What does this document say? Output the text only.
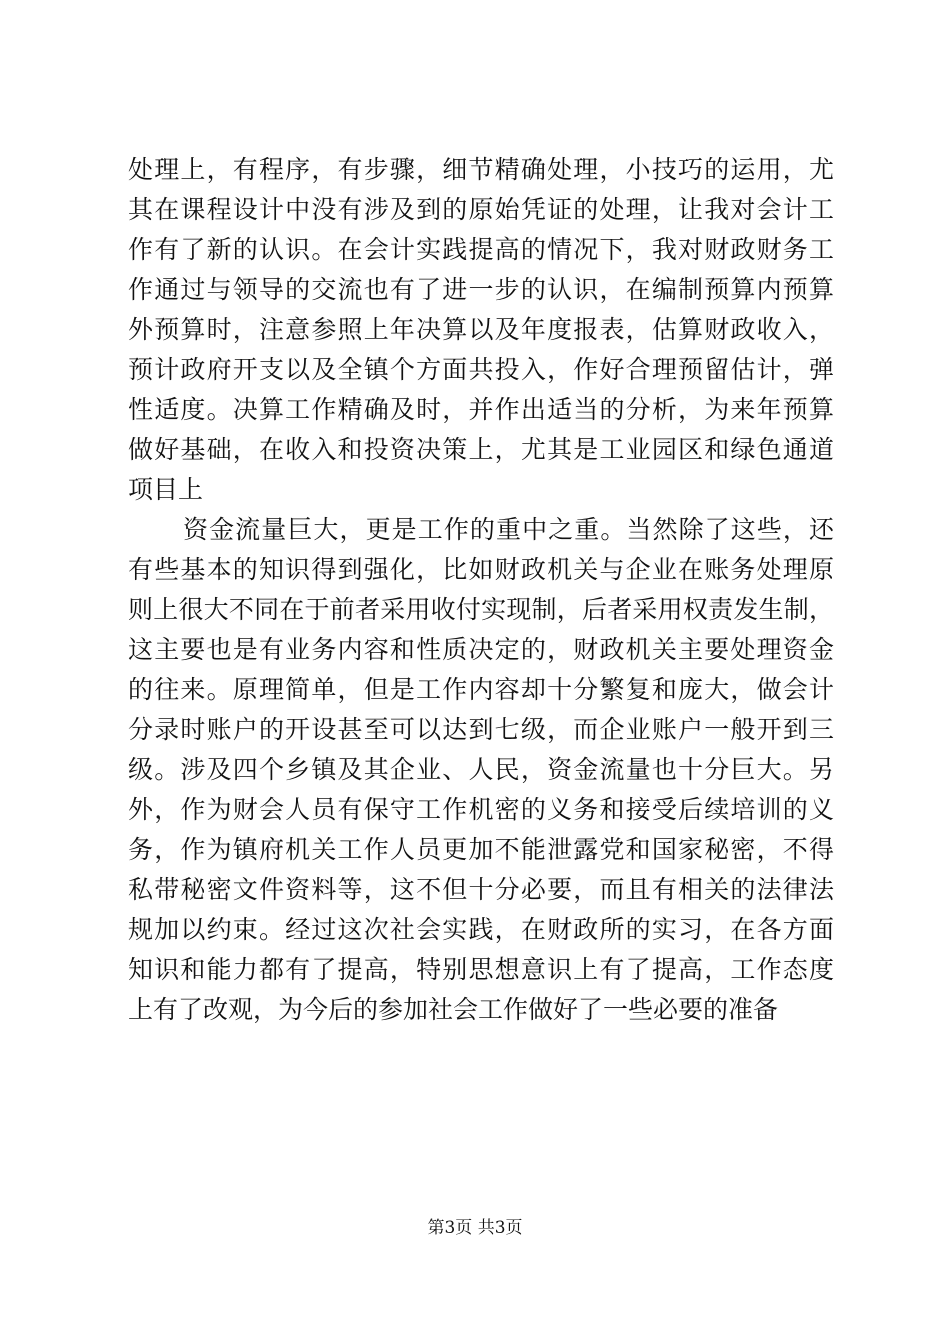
处理上，有程序，有步骤，细节精确处理，小技巧的运用，尤
其在课程设计中没有涉及到的原始凭证的处理，让我对会计工
作有了新的认识。在会计实践提高的情况下，我对财政财务工
作通过与领导的交流也有了进一步的认识，在编制预算内预算
外预算时，注意参照上年决算以及年度报表，估算财政收入，
预计政府开支以及全镇个方面共投入，作好合理预留估计，弹
性适度。决算工作精确及时，并作出适当的分析，为来年预算
做好基础，在收入和投资决策上，尤其是工业园区和绿色通道
项目上
资金流量巨大，更是工作的重中之重。当然除了这些，还
有些基本的知识得到强化，比如财政机关与企业在账务处理原
则上很大不同在于前者采用收付实现制，后者采用权责发生制，
这主要也是有业务内容和性质决定的，财政机关主要处理资金
的往来。原理简单，但是工作内容却十分繁复和庞大，做会计
分录时账户的开设甚至可以达到七级，而企业账户一般开到三
级。涉及四个乡镇及其企业、人民，资金流量也十分巨大。另
外，作为财会人员有保守工作机密的义务和接受后续培训的义
务，作为镇府机关工作人员更加不能泄露党和国家秘密，不得
私带秘密文件资料等，这不但十分必要，而且有相关的法律法
规加以约束。经过这次社会实践，在财政所的实习，在各方面
知识和能力都有了提高，特别思想意识上有了提高，工作态度
上有了改观，为今后的参加社会工作做好了一些必要的准备
第3页 共3页
